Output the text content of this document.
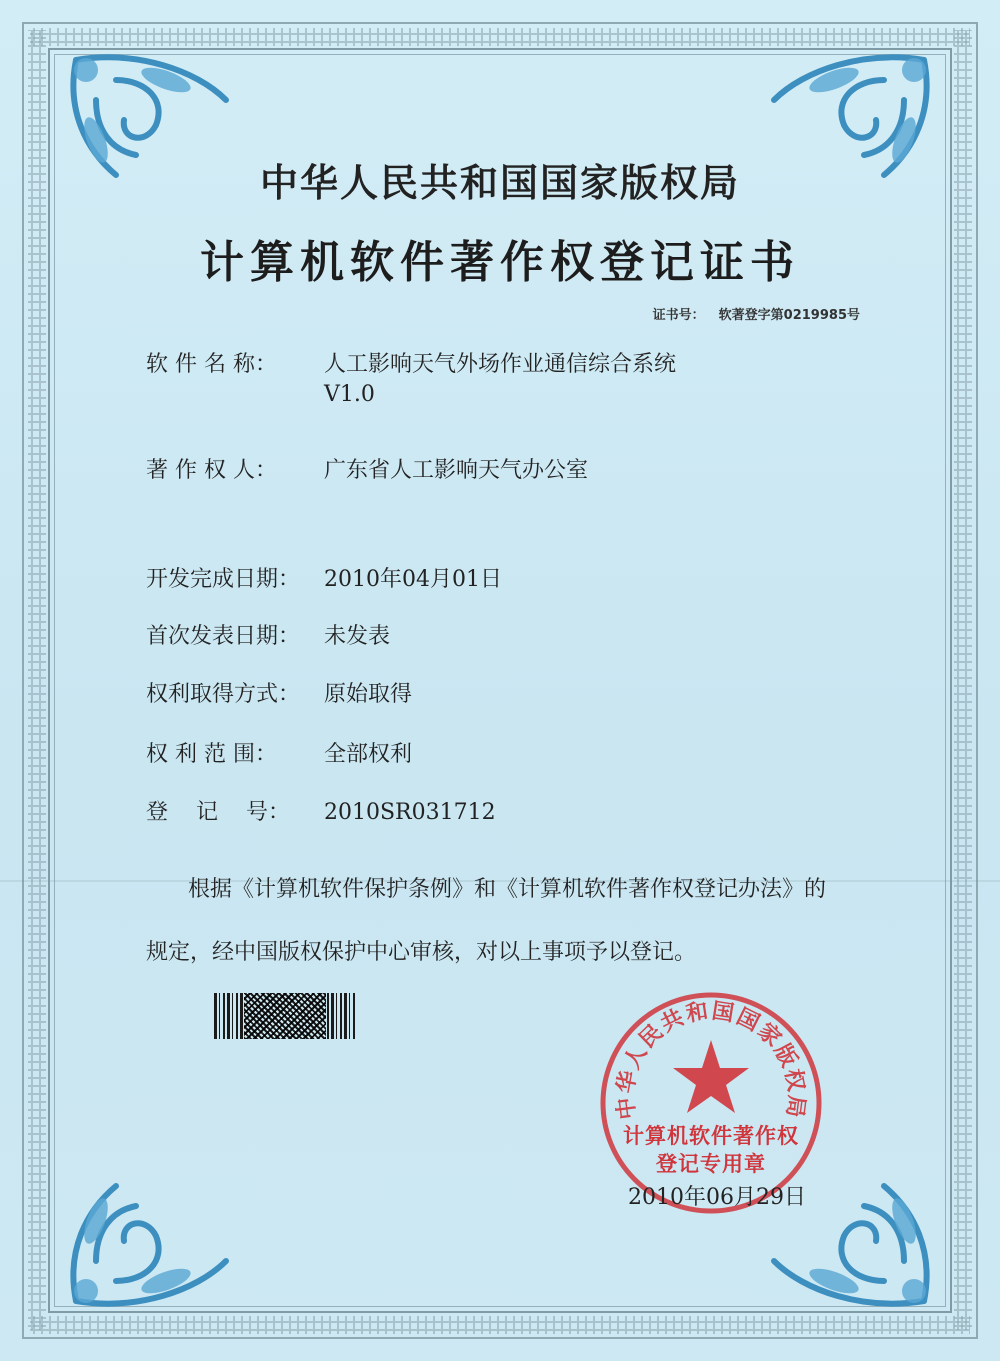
中华人民共和国国家版权局
计算机软件著作权登记证书
证书号： 软著登字第0219985号
软 件 名 称：	人工影响天气外场作业通信综合系统
V1.0
著 作 权 人：	广东省人工影响天气办公室
开发完成日期：	2010年04月01日
首次发表日期：	未发表
权利取得方式：	原始取得
权 利 范 围：	全部权利
登    记    号：	2010SR031712
根据《计算机软件保护条例》和《计算机软件著作权登记办法》的
规定，经中国版权保护中心审核，对以上事项予以登记。
中华人民共和国国家版权局
计算机软件著作权
登记专用章
2010年06月29日
